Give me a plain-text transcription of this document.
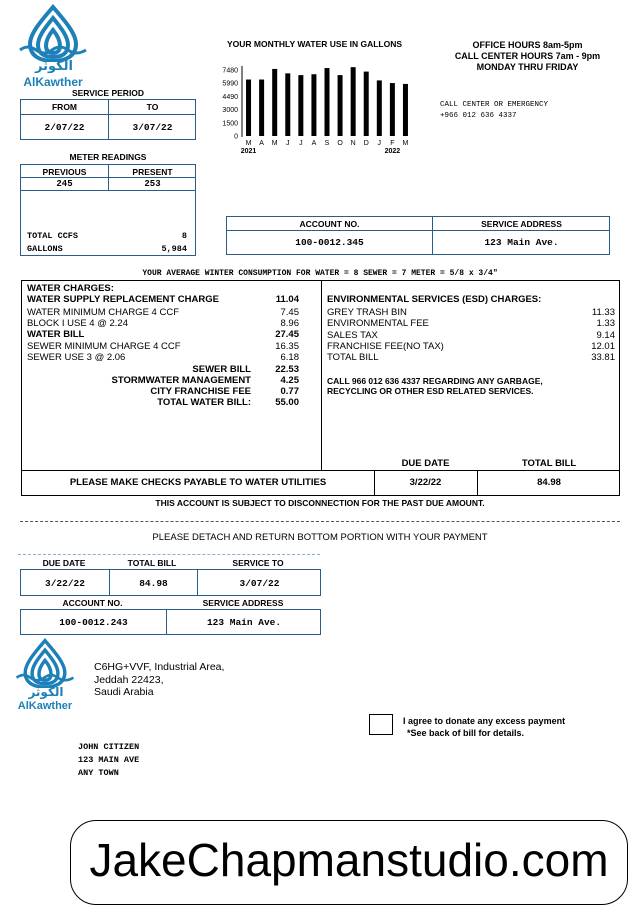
الكوثر
AlKawther
SERVICE PERIOD
FROM	TO
2/07/22	3/07/22
METER READINGS
PREVIOUS	PRESENT
245	253
TOTAL CCFS	8
GALLONS	5,984
YOUR MONTHLY WATER USE IN GALLONS
7480
5990
4490
3000
1500
0
M A M J J A S O N D J F M
2021	2022
OFFICE HOURS 8am-5pm
CALL CENTER HOURS 7am - 9pm
MONDAY THRU FRIDAY
CALL CENTER OR EMERGENCY
+966 012 636 4337
ACCOUNT NO.	SERVICE ADDRESS
100-0012.345	123 Main Ave.
YOUR AVERAGE WINTER CONSUMPTION FOR WATER = 8 SEWER = 7 METER = 5/8 x 3/4"
WATER CHARGES:
WATER SUPPLY REPLACEMENT CHARGE	11.04
WATER MINIMUM CHARGE 4 CCF	7.45
BLOCK I USE 4 @ 2.24	8.96
WATER BILL	27.45
SEWER MINIMUM CHARGE 4 CCF	16.35
SEWER USE 3 @ 2.06	6.18
SEWER BILL	22.53
STORMWATER MANAGEMENT	4.25
CITY FRANCHISE FEE	0.77
TOTAL WATER BILL:	55.00
ENVIRONMENTAL SERVICES (ESD) CHARGES:
GREY TRASH BIN	11.33
ENVIRONMENTAL FEE	1.33
SALES TAX	9.14
FRANCHISE FEE(NO TAX)	12.01
TOTAL BILL	33.81
CALL 966 012 636 4337 REGARDING ANY GARBAGE,
RECYCLING OR OTHER ESD RELATED SERVICES.
DUE DATE	TOTAL BILL
PLEASE MAKE CHECKS PAYABLE TO WATER UTILITIES	3/22/22	84.98
THIS ACCOUNT IS SUBJECT TO DISCONNECTION FOR THE PAST DUE AMOUNT.
PLEASE DETACH AND RETURN BOTTOM PORTION WITH YOUR PAYMENT
DUE DATE	TOTAL BILL	SERVICE TO
3/22/22	84.98	3/07/22
ACCOUNT NO.	SERVICE ADDRESS
100-0012.243	123 Main Ave.
الكوثر
AlKawther
C6HG+VVF, Industrial Area,
Jeddah 22423,
Saudi Arabia
I agree to donate any excess payment
*See back of bill for details.
JOHN CITIZEN
123 MAIN AVE
ANY TOWN
JakeChapmanstudio.com
